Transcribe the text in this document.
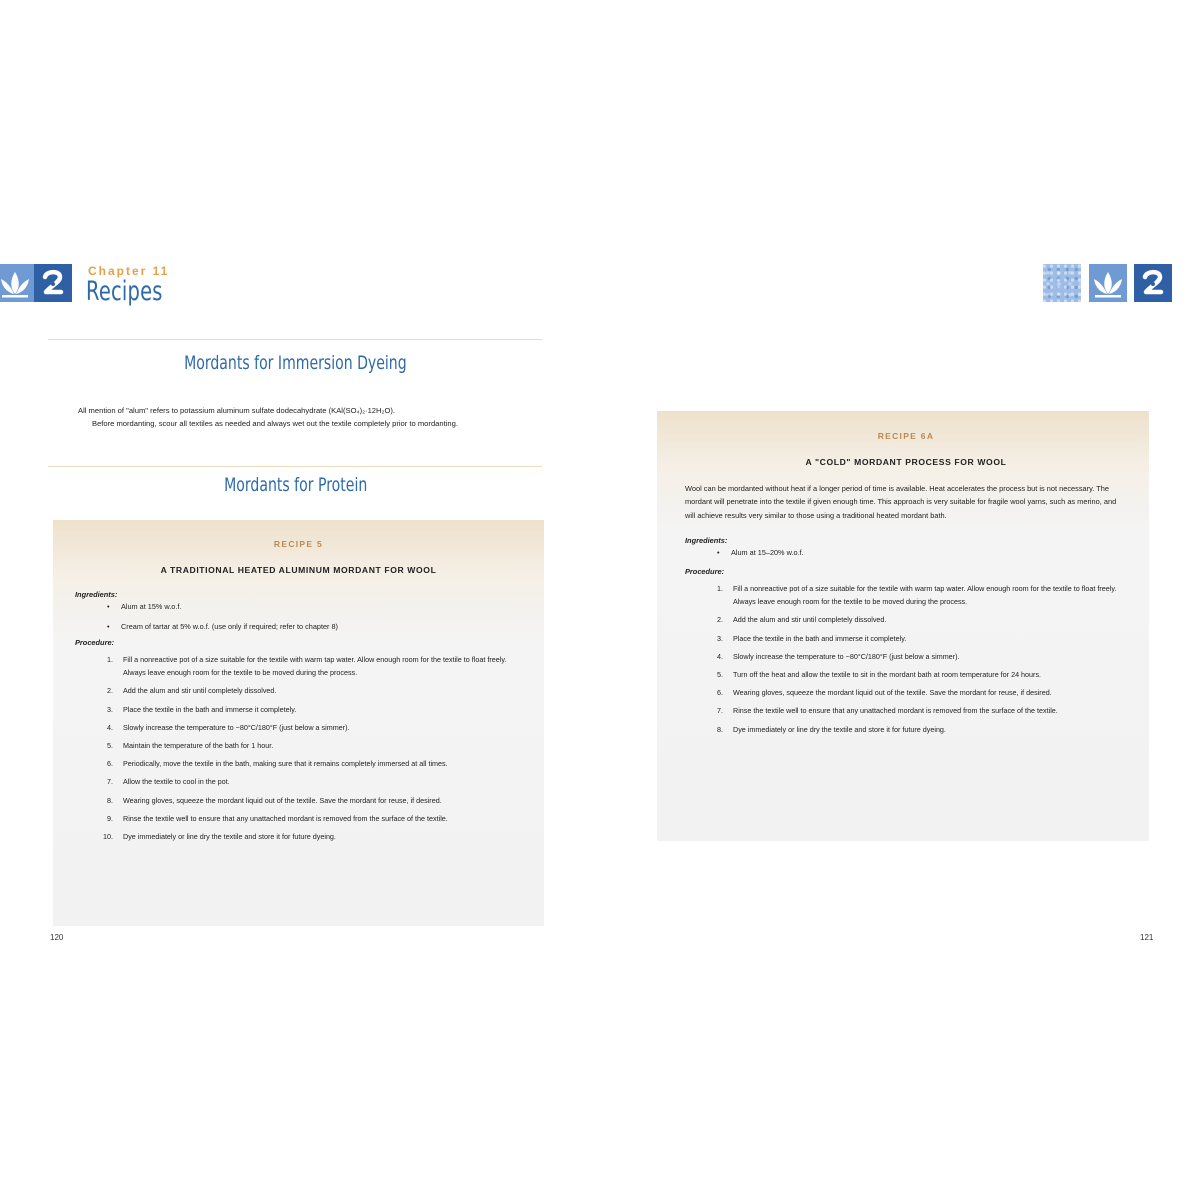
Chapter 11
Recipes
Mordants for Immersion Dyeing

All mention of "alum" refers to potassium aluminum sulfate dodecahydrate (KAl(SO₄)₂·12H₂O).

Before mordanting, scour all textiles as needed and always wet out the textile completely prior to mordanting.

Mordants for Protein
RECIPE 5
A TRADITIONAL HEATED ALUMINUM MORDANT FOR WOOL
Ingredients:
• Alum at 15% w.o.f.
• Cream of tartar at 5% w.o.f. (use only if required; refer to chapter 8)
Procedure:
1. Fill a nonreactive pot of a size suitable for the textile with warm tap water. Allow enough room for the textile to float freely. Always leave enough room for the textile to be moved during the process.
2. Add the alum and stir until completely dissolved.
3. Place the textile in the bath and immerse it completely.
4. Slowly increase the temperature to ~80°C/180°F (just below a simmer).
5. Maintain the temperature of the bath for 1 hour.
6. Periodically, move the textile in the bath, making sure that it remains completely immersed at all times.
7. Allow the textile to cool in the pot.
8. Wearing gloves, squeeze the mordant liquid out of the textile. Save the mordant for reuse, if desired.
9. Rinse the textile well to ensure that any unattached mordant is removed from the surface of the textile.
10. Dye immediately or line dry the textile and store it for future dyeing.
120
RECIPE 6A
A "COLD" MORDANT PROCESS FOR WOOL
Wool can be mordanted without heat if a longer period of time is available. Heat accelerates the process but is not necessary. The mordant will penetrate into the textile if given enough time. This approach is very suitable for fragile wool yarns, such as merino, and will achieve results very similar to those using a traditional heated mordant bath.
Ingredients:
• Alum at 15–20% w.o.f.
Procedure:
1. Fill a nonreactive pot of a size suitable for the textile with warm tap water. Allow enough room for the textile to float freely. Always leave enough room for the textile to be moved during the process.
2. Add the alum and stir until completely dissolved.
3. Place the textile in the bath and immerse it completely.
4. Slowly increase the temperature to ~80°C/180°F (just below a simmer).
5. Turn off the heat and allow the textile to sit in the mordant bath at room temperature for 24 hours.
6. Wearing gloves, squeeze the mordant liquid out of the textile. Save the mordant for reuse, if desired.
7. Rinse the textile well to ensure that any unattached mordant is removed from the surface of the textile.
8. Dye immediately or line dry the textile and store it for future dyeing.
121
